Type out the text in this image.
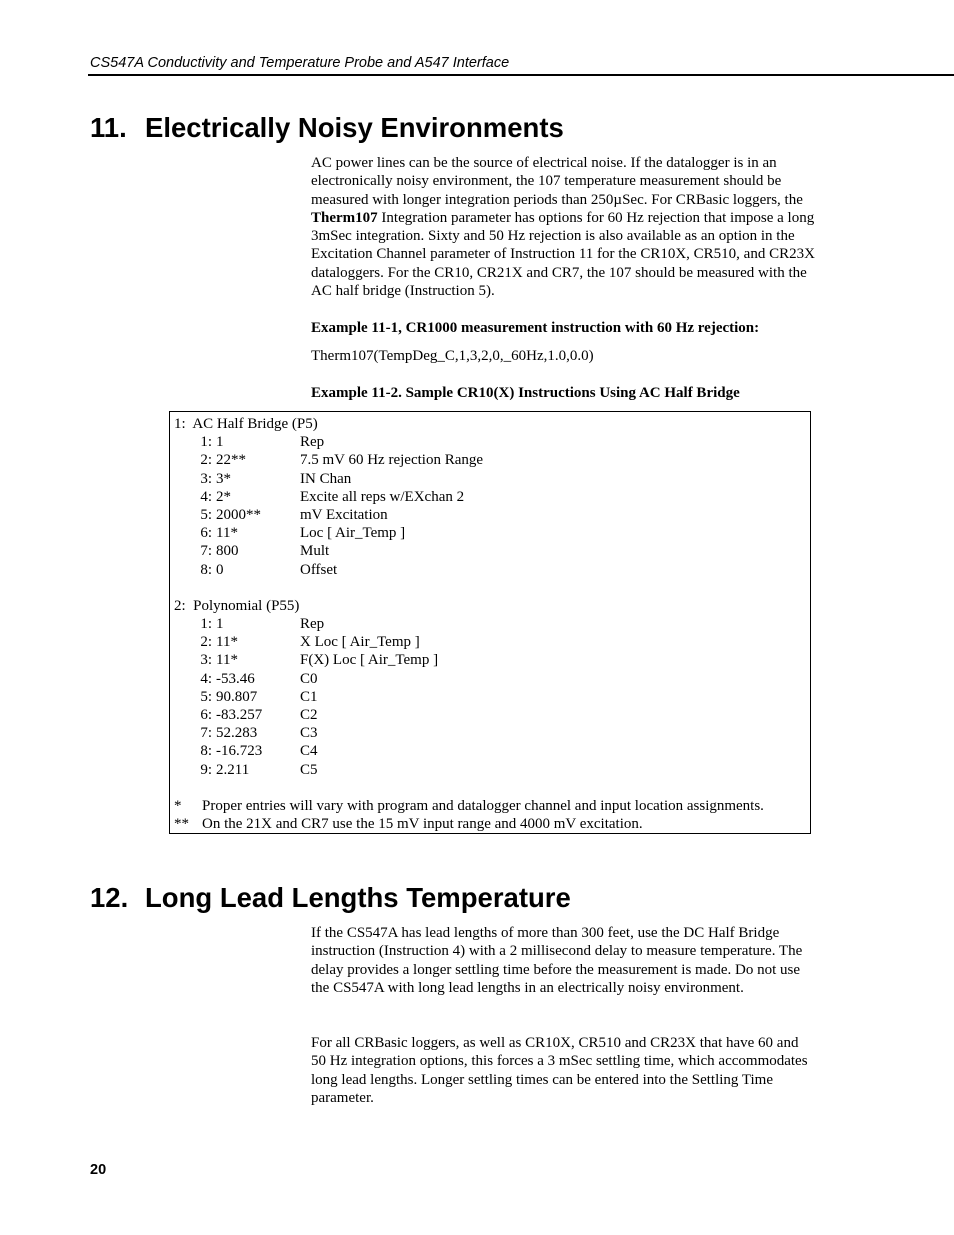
CS547A Conductivity and Temperature Probe and A547 Interface
11. Electrically Noisy Environments

AC power lines can be the source of electrical noise. If the datalogger is in an electronically noisy environment, the 107 temperature measurement should be measured with longer integration periods than 250µSec. For CRBasic loggers, the Therm107 Integration parameter has options for 60 Hz rejection that impose a long 3mSec integration. Sixty and 50 Hz rejection is also available as an option in the Excitation Channel parameter of Instruction 11 for the CR10X, CR510, and CR23X dataloggers. For the CR10, CR21X and CR7, the 107 should be measured with the AC half bridge (Instruction 5).

Example 11-1, CR1000 measurement instruction with 60 Hz rejection:
Therm107(TempDeg_C,1,3,2,0,_60Hz,1.0,0.0)
Example 11-2. Sample CR10(X) Instructions Using AC Half Bridge
1:  AC Half Bridge (P5)
1: 1	Rep
2: 22**	7.5 mV 60 Hz rejection Range
3: 3*	IN Chan
4: 2*	Excite all reps w/EXchan 2
5: 2000**	mV Excitation
6: 11*	Loc [ Air_Temp ]
7: 800	Mult
8: 0	Offset
2:  Polynomial (P55)
1: 1	Rep
2: 11*	X Loc [ Air_Temp ]
3: 11*	F(X) Loc [ Air_Temp ]
4: -53.46	C0
5: 90.807	C1
6: -83.257	C2
7: 52.283	C3
8: -16.723	C4
9: 2.211	C5
*	Proper entries will vary with program and datalogger channel and input location assignments.
** On the 21X and CR7 use the 15 mV input range and 4000 mV excitation.
12. Long Lead Lengths Temperature

If the CS547A has lead lengths of more than 300 feet, use the DC Half Bridge instruction (Instruction 4) with a 2 millisecond delay to measure temperature. The delay provides a longer settling time before the measurement is made. Do not use the CS547A with long lead lengths in an electrically noisy environment.

For all CRBasic loggers, as well as CR10X, CR510 and CR23X that have 60 and 50 Hz integration options, this forces a 3 mSec settling time, which accommodates long lead lengths. Longer settling times can be entered into the Settling Time parameter.

20
